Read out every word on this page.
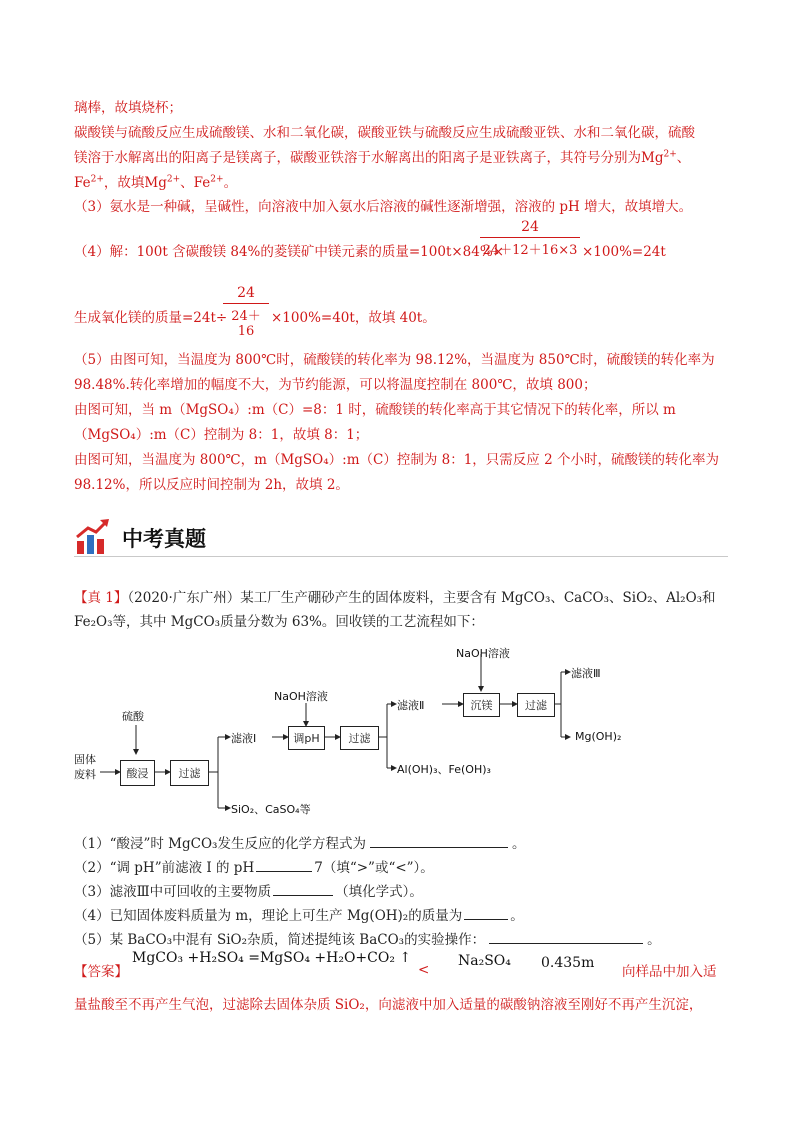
璃棒，故填烧杯；
碳酸镁与硫酸反应生成硫酸镁、水和二氧化碳，碳酸亚铁与硫酸反应生成硫酸亚铁、水和二氧化碳，硫酸
镁溶于水解离出的阳离子是镁离子，碳酸亚铁溶于水解离出的阳离子是亚铁离子，其符号分别为$Mg^{2+}$、
$Fe^{2+}$，故填$Mg^{2+}$、$Fe^{2+}$。
（3）氨水是一种碱，呈碱性，向溶液中加入氨水后溶液的碱性逐渐增强，溶液的 pH 增大，故填增大。
（4）解：100t 含碳酸镁 84%的菱镁矿中镁元素的质量=100t×84%×
$\frac{24}{24+12+16\times 3} \times 100\%=24t$
生成氧化镁的质量=24t÷
$\frac{24}{24+16} \times 100\%=40t$，故填 40t。
（5）由图可知，当温度为 800℃时，硫酸镁的转化率为 98.12%，当温度为 850℃时，硫酸镁的转化率为
98.48%.转化率增加的幅度不大，为节约能源，可以将温度控制在 800℃，故填 800；
由图可知，当 m（MgSO₄）:m（C）=8：1 时，硫酸镁的转化率高于其它情况下的转化率，所以 m
（MgSO₄）:m（C）控制为 8：1，故填 8：1；
由图可知，当温度为 800℃，m（MgSO₄）:m（C）控制为 8：1，只需反应 2 个小时，硫酸镁的转化率为
98.12%，所以反应时间控制为 2h，故填 2。
中考真题
【真 1】（2020·广东广州）某工厂生产硼砂产生的固体废料，主要含有 MgCO₃、CaCO₃、SiO₂、Al₂O₃和
Fe₂O₃等，其中 MgCO₃质量分数为 63%。回收镁的工艺流程如下：
固体
废料
硫酸
酸浸	过滤
滤液Ⅰ
SiO₂、CaSO₄等
NaOH溶液
调pH	过滤
滤液Ⅱ
Al(OH)₃、Fe(OH)₃
NaOH溶液
沉镁	过滤
滤液Ⅲ
Mg(OH)₂
（1）“酸浸”时 MgCO₃发生反应的化学方程式为	。
（2）“调 pH”前滤液 I 的 pH	7（填“>”或“<”）。
（3）滤液Ⅲ中可回收的主要物质	（填化学式）。
（4）已知固体废料质量为 m，理论上可生产 Mg(OH)₂的质量为	。
（5）某 BaCO₃中混有 SiO₂杂质，简述提纯该 BaCO₃的实验操作：	。
【答案】
MgCO₃ +H₂SO₄ =MgSO₄ +H₂O+CO₂ ↑
<
Na₂SO₄ 0.435m
向样品中加入适
量盐酸至不再产生气泡，过滤除去固体杂质 SiO₂，向滤液中加入适量的碳酸钠溶液至刚好不再产生沉淀，
